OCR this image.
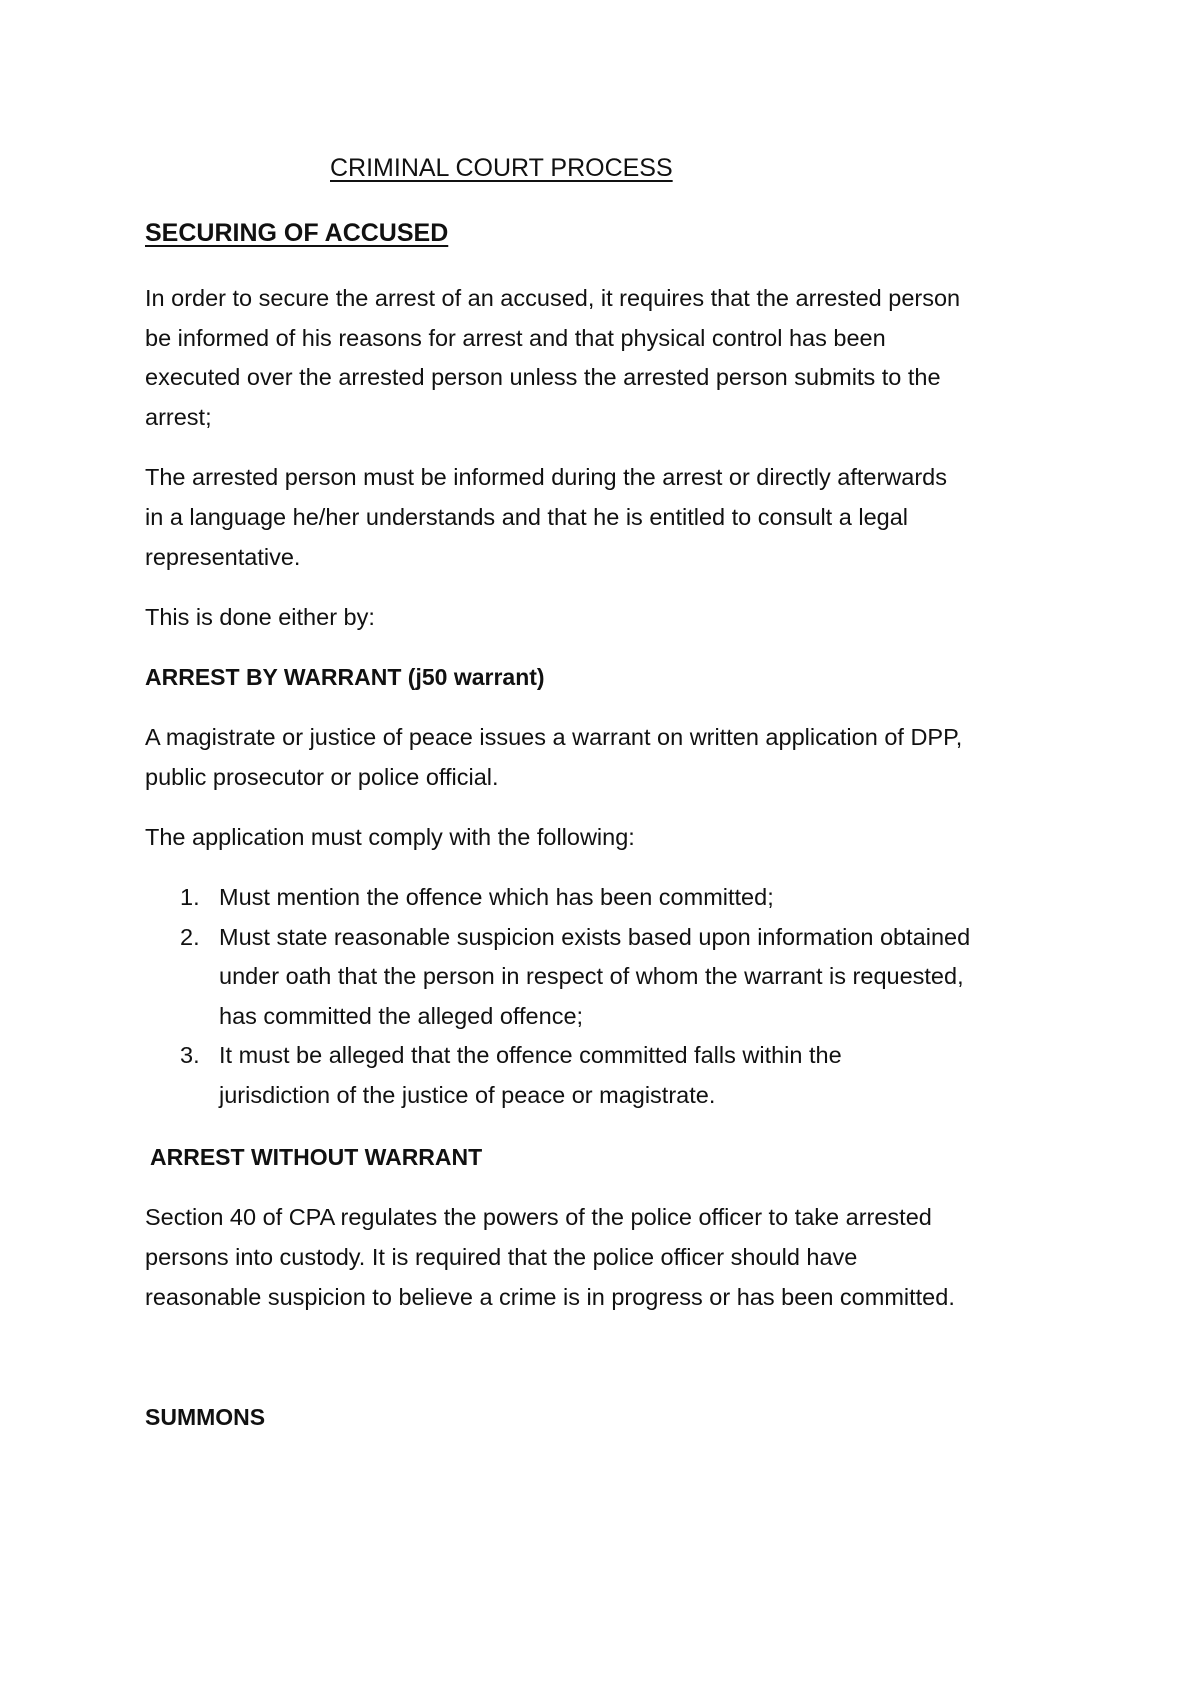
CRIMINAL COURT PROCESS
SECURING OF ACCUSED

In order to secure the arrest of an accused, it requires that the arrested person

be informed of his reasons for arrest and that physical control has been

executed over the arrested person unless the arrested person submits to the

arrest;

The arrested person must be informed during the arrest or directly afterwards

in a language he/her understands and that he is entitled to consult a legal

representative.

This is done either by:

ARREST BY WARRANT (j50 warrant)

A magistrate or justice of peace issues a warrant on written application of DPP,

public prosecutor or police official.

The application must comply with the following:

1. Must mention the offence which has been committed;
2. Must state reasonable suspicion exists based upon information obtained
under oath that the person in respect of whom the warrant is requested,
has committed the alleged offence;
3. It must be alleged that the offence committed falls within the
jurisdiction of the justice of peace or magistrate.
ARREST WITHOUT WARRANT

Section 40 of CPA regulates the powers of the police officer to take arrested

persons into custody. It is required that the police officer should have

reasonable suspicion to believe a crime is in progress or has been committed.

SUMMONS
